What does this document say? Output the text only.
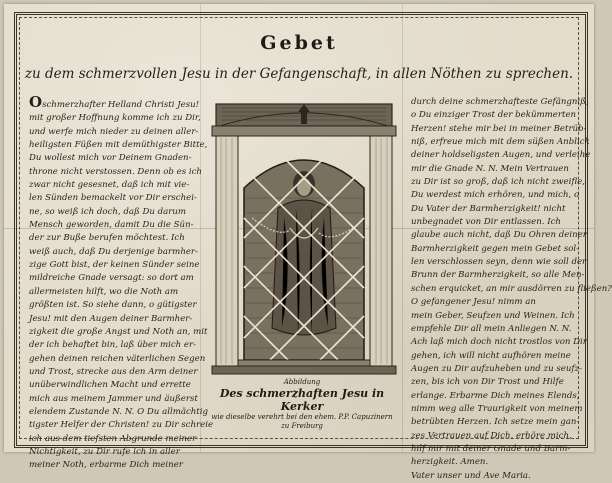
Gebet
zu dem schmerzvollen Jesu in der Gefangenschaft, in allen Nöthen zu sprechen.
Oschmerzhafter Helland Christi Jesu!
mit großer Hoffnung komme ich zu Dir,
und werfe mich nieder zu deinen aller-
heiligsten Füßen mit demüthigster Bitte,
Du wollest mich vor Deinem Gnaden-
throne nicht verstossen. Denn ob es ich
zwar nicht gesesnet, daß ich mit vie-
len Sünden bemackelt vor Dir erschei-
ne, so weiß ich doch, daß Du darum
Mensch geworden, damit Du die Sün-
der zur Buße berufen möchtest. Ich
weiß auch, daß Du derjenige barmher-
zige Gott bist, der keinen Sünder seine
mildreiche Gnade versagt: so dort am
allermeisten hilft, wo die Noth am
größten ist. So siehe dann, o gütigster
Jesu! mit den Augen deiner Barmher-
zigkeit die große Angst und Noth an, mit
der ich behaftet bin, laß über mich er-
gehen deinen reichen väterlichen Segen
und Trost, strecke aus den Arm deiner
unüberwindlichen Macht und errette
mich aus meinem Jammer und äußerst
elendem Zustande N. N. O Du allmächtig
tigster Helfer der Christen! zu Dir schreie
ich aus dem tiefsten Abgrunde meiner
Nichtigkeit, zu Dir rufe ich in aller
meiner Noth, erbarme Dich meiner
Abbildung
Des schmerzhaften Jesu in Kerker
wie dieselbe verehrt bei den ehem. P.P. Capuzinern
zu Freiburg
durch deine schmerzhafteste Gefängniß,
o Du einziger Trost der bekümmerten
Herzen! stehe mir bei in meiner Betrüb-
niß, erfreue mich mit dem süßen Anblick
deiner holdseligsten Augen, und verleihe
mir die Gnade N. N. Mein Vertrauen
zu Dir ist so groß, daß ich nicht zweifle,
Du werdest mich erhören, und mich, o
Du Vater der Barmherzigkeit! nicht
unbegnadet von Dir entlassen. Ich
glaube auch nicht, daß Du Ohren deiner
Barmherzigkeit gegen mein Gebet sol-
len verschlossen seyn, denn wie soll der
Brunn der Barmherzigkeit, so alle Men-
schen erquicket, an mir ausdörren zu fließen?
O gefangener Jesu! nimm an
mein Geber, Seufzen und Weinen. Ich
empfehle Dir all mein Anliegen N. N.
Ach laß mich doch nicht trostlos von Dir
gehen, ich will nicht aufhören meine
Augen zu Dir aufzuheben und zu seufz-
zen, bis ich von Dir Trost und Hilfe
erlange. Erbarme Dich meines Elends,
nimm weg alle Traurigkeit von meinem
betrübten Herzen. Ich setze mein gan-
zes Vertrauen auf Dich, erhöre mich,
hilf mir mit deiner Gnade und Barm-
herzigkeit. Amen.
Vater unser und Ave Maria.
